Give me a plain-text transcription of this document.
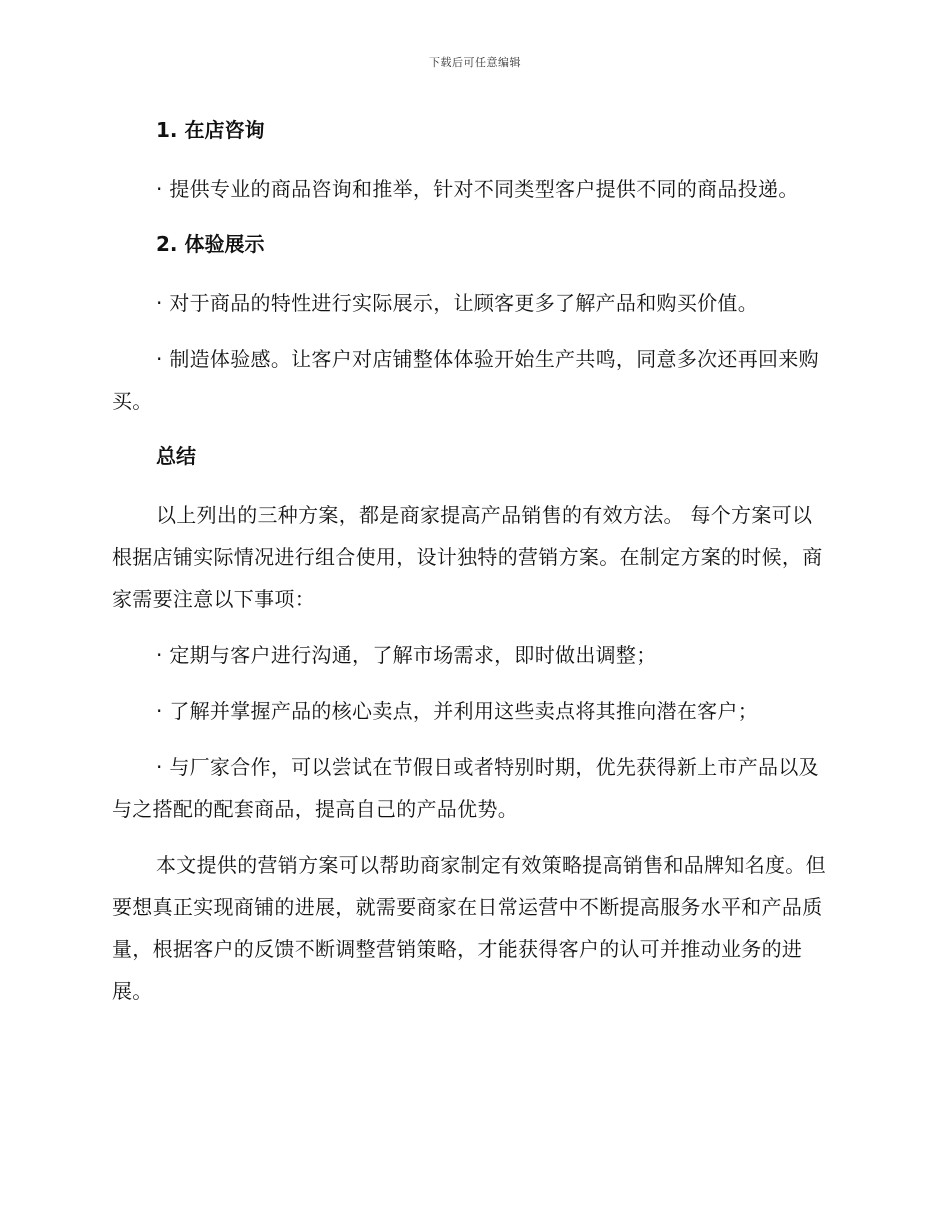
下载后可任意编辑
1. 在店咨询
· 提供专业的商品咨询和推举，针对不同类型客户提供不同的商品投递。
2. 体验展示
· 对于商品的特性进行实际展示，让顾客更多了解产品和购买价值。
· 制造体验感。让客户对店铺整体体验开始生产共鸣，同意多次还再回来购买。
总结
以上列出的三种方案，都是商家提高产品销售的有效方法。 每个方案可以根据店铺实际情况进行组合使用，设计独特的营销方案。在制定方案的时候，商家需要注意以下事项：
· 定期与客户进行沟通，了解市场需求，即时做出调整；
· 了解并掌握产品的核心卖点，并利用这些卖点将其推向潜在客户；
· 与厂家合作，可以尝试在节假日或者特别时期，优先获得新上市产品以及与之搭配的配套商品，提高自己的产品优势。
本文提供的营销方案可以帮助商家制定有效策略提高销售和品牌知名度。但要想真正实现商铺的进展，就需要商家在日常运营中不断提高服务水平和产品质量，根据客户的反馈不断调整营销策略，才能获得客户的认可并推动业务的进展。
